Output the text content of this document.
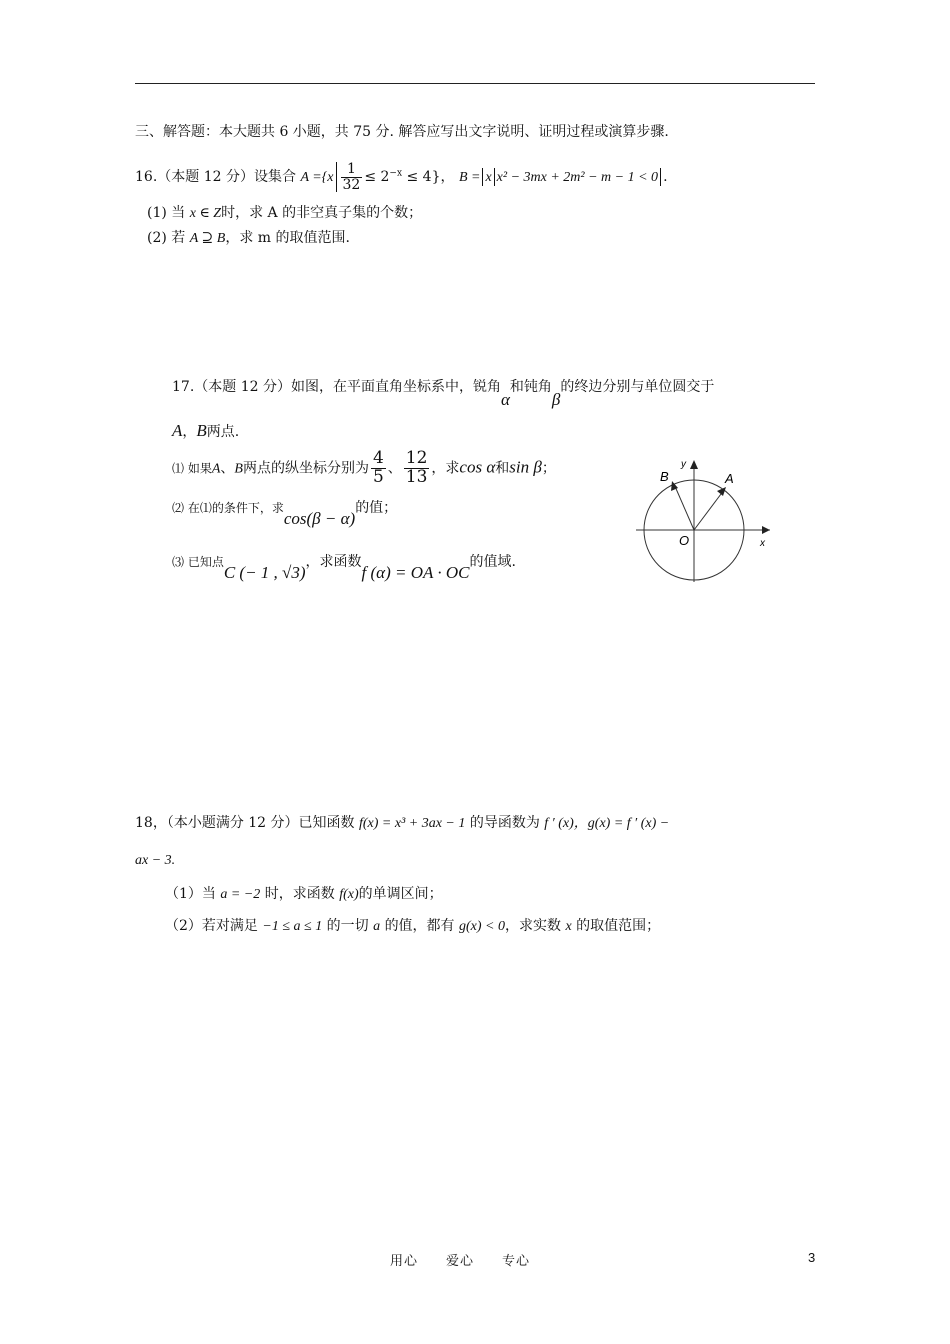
三、解答题：本大题共 6 小题，共 75 分. 解答应写出文字说明、证明过程或演算步骤.
16.（本题 12 分）设集合 $A =\{x \frac{1}{32} \le 2^{-x} \le 4\}$， B = x x² − 3mx + 2m² − m − 1 < 0 .
(1) 当 x ∈ Z时，求 A 的非空真子集的个数；
(2) 若 A ⊇ B，求 m 的取值范围.
17.（本题 12 分）如图，在平面直角坐标系中，锐角α和钝角β的终边分别与单位圆交于
A，B两点.
⑴ 如果A、B两点的纵坐标分别为 $\frac{4}{5}$ 、 $\frac{12}{13}$ ，求cos α和sin β；
⑵ 在⑴的条件下，求cos(β − α)的值；
⑶ 已知点C (− 1 , √3)，求函数f (α) = OA · OC的值域.
A
B
O	x
y
18，（本小题满分 12 分）已知函数 f(x) = x³ + 3ax − 1 的导函数为 f ′ (x)，g(x) = f ′ (x) −
ax − 3.
（1）当 a = −2 时，求函数 f(x)的单调区间；
（2）若对满足 −1 ≤ a ≤ 1 的一切 a 的值，都有 g(x) < 0，求实数 x 的取值范围；
用心　　爱心　　专心	3
